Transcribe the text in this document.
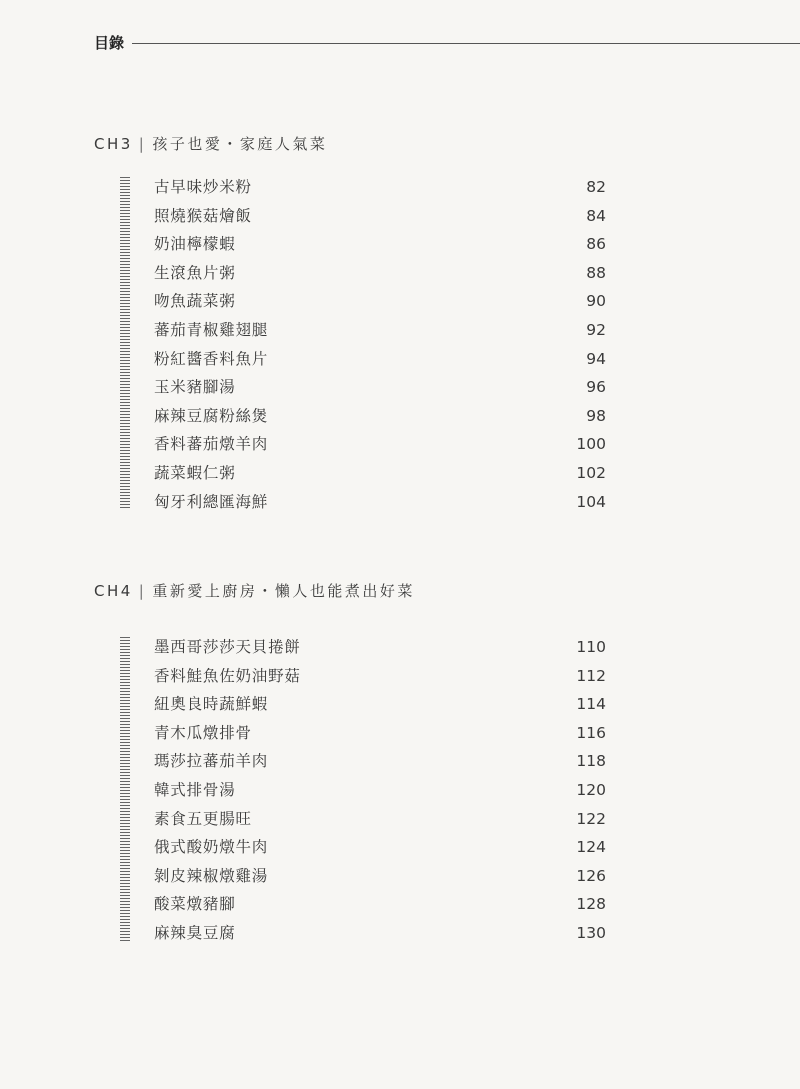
目錄
CH3 | 孩子也愛・家庭人氣菜
古早味炒米粉	82
照燒猴菇燴飯	84
奶油檸檬蝦	86
生滾魚片粥	88
吻魚蔬菜粥	90
蕃茄青椒雞翅腿	92
粉紅醬香料魚片	94
玉米豬腳湯	96
麻辣豆腐粉絲煲	98
香料蕃茄燉羊肉	100
蔬菜蝦仁粥	102
匈牙利總匯海鮮	104
CH4 | 重新愛上廚房・懶人也能煮出好菜
墨西哥莎莎天貝捲餅	110
香料鮭魚佐奶油野菇	112
紐奧良時蔬鮮蝦	114
青木瓜燉排骨	116
瑪莎拉蕃茄羊肉	118
韓式排骨湯	120
素食五更腸旺	122
俄式酸奶燉牛肉	124
剝皮辣椒燉雞湯	126
酸菜燉豬腳	128
麻辣臭豆腐	130
